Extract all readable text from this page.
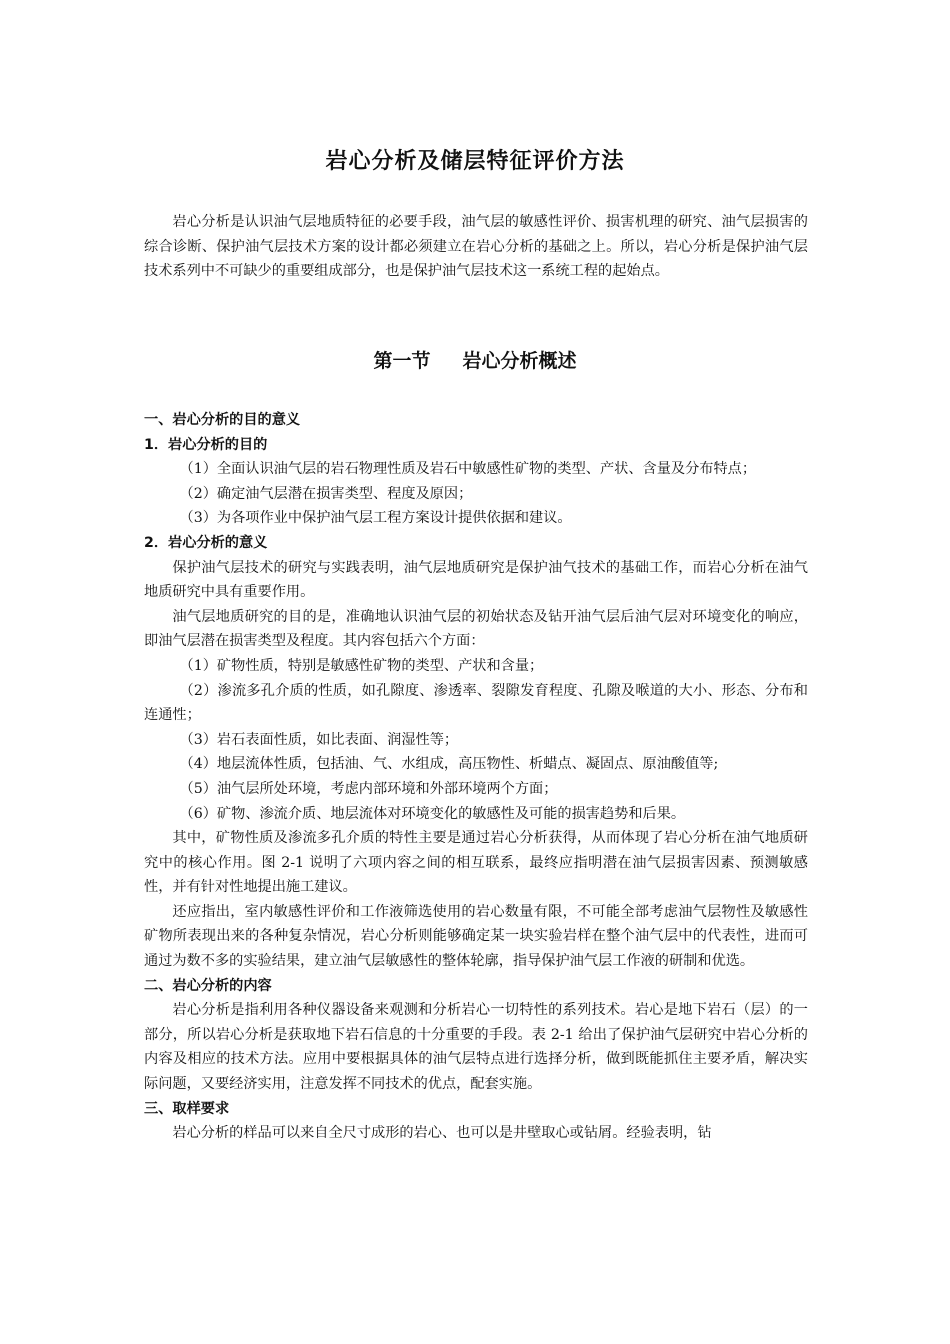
岩心分析及储层特征评价方法

岩心分析是认识油气层地质特征的必要手段，油气层的敏感性评价、损害机理的研究、油气层损害的综合诊断、保护油气层技术方案的设计都必须建立在岩心分析的基础之上。所以，岩心分析是保护油气层技术系列中不可缺少的重要组成部分，也是保护油气层技术这一系统工程的起始点。

第一节 岩心分析概述

一、岩心分析的目的意义

1．岩心分析的目的

（1）全面认识油气层的岩石物理性质及岩石中敏感性矿物的类型、产状、含量及分布特点；

（2）确定油气层潜在损害类型、程度及原因；

（3）为各项作业中保护油气层工程方案设计提供依据和建议。

2．岩心分析的意义

保护油气层技术的研究与实践表明，油气层地质研究是保护油气技术的基础工作，而岩心分析在油气地质研究中具有重要作用。

油气层地质研究的目的是，准确地认识油气层的初始状态及钻开油气层后油气层对环境变化的响应，即油气层潜在损害类型及程度。其内容包括六个方面：

（1）矿物性质，特别是敏感性矿物的类型、产状和含量；

（2）渗流多孔介质的性质，如孔隙度、渗透率、裂隙发育程度、孔隙及喉道的大小、形态、分布和连通性；

（3）岩石表面性质，如比表面、润湿性等；

（4）地层流体性质，包括油、气、水组成，高压物性、析蜡点、凝固点、原油酸值等;

（5）油气层所处环境，考虑内部环境和外部环境两个方面；

（6）矿物、渗流介质、地层流体对环境变化的敏感性及可能的损害趋势和后果。

其中，矿物性质及渗流多孔介质的特性主要是通过岩心分析获得，从而体现了岩心分析在油气地质研究中的核心作用。图 2-1 说明了六项内容之间的相互联系，最终应指明潜在油气层损害因素、预测敏感性，并有针对性地提出施工建议。

还应指出，室内敏感性评价和工作液筛选使用的岩心数量有限，不可能全部考虑油气层物性及敏感性矿物所表现出来的各种复杂情况，岩心分析则能够确定某一块实验岩样在整个油气层中的代表性，进而可通过为数不多的实验结果，建立油气层敏感性的整体轮廓，指导保护油气层工作液的研制和优选。

二、岩心分析的内容

岩心分析是指利用各种仪器设备来观测和分析岩心一切特性的系列技术。岩心是地下岩石（层）的一部分，所以岩心分析是获取地下岩石信息的十分重要的手段。表 2-1 给出了保护油气层研究中岩心分析的内容及相应的技术方法。应用中要根据具体的油气层特点进行选择分析，做到既能抓住主要矛盾，解决实际问题，又要经济实用，注意发挥不同技术的优点，配套实施。

三、取样要求

岩心分析的样品可以来自全尺寸成形的岩心、也可以是井壁取心或钻屑。经验表明，钻
